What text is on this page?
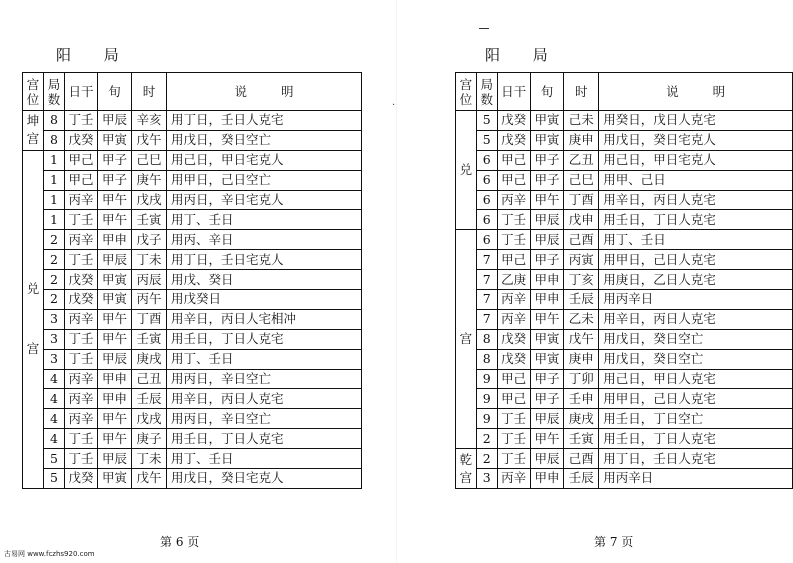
阳 局
·
宫位	局数	日干	旬	时	说明
坤宫	8	丁壬	甲辰	辛亥	用丁日，壬日人克宅
	8	戊癸	甲寅	戊午	用戊日，癸日空亡
兑宫	1	甲己	甲子	己巳	用己日，甲日宅克人
	1	甲己	甲子	庚午	用甲日，己日空亡
	1	丙辛	甲午	戊戌	用丙日，辛日宅克人
	1	丁壬	甲午	壬寅	用丁、壬日
	2	丙辛	甲申	戊子	用丙、辛日
	2	丁壬	甲辰	丁未	用丁日，壬日宅克人
	2	戊癸	甲寅	丙辰	用戊、癸日
	2	戊癸	甲寅	丙午	用戊癸日
	3	丙辛	甲午	丁酉	用辛日，丙日人宅相冲
	3	丁壬	甲午	壬寅	用壬日，丁日人克宅
	3	丁壬	甲辰	庚戌	用丁、壬日
	4	丙辛	甲申	己丑	用丙日，辛日空亡
	4	丙辛	甲申	壬辰	用辛日，丙日人克宅
	4	丙辛	甲午	戊戌	用丙日，辛日空亡
	4	丁壬	甲午	庚子	用壬日，丁日人克宅
	5	丁壬	甲辰	丁未	用丁、壬日
	5	戊癸	甲寅	戊午	用戊日，癸日宅克人
第 6 页
古易网 www.fczhs920.com
阳 局
宫位	局数	日干	旬	时	说明
兑	5	戊癸	甲寅	己未	用癸日，戊日人克宅
	5	戊癸	甲寅	庚申	用戊日，癸日宅克人
	6	甲己	甲子	乙丑	用己日，甲日宅克人
	6	甲己	甲子	己巳	用甲、己日
	6	丙辛	甲午	丁酉	用辛日，丙日人克宅
	6	丁壬	甲辰	戊申	用壬日，丁日人克宅
宫	6	丁壬	甲辰	己酉	用丁、壬日
	7	甲己	甲子	丙寅	用甲日，己日人克宅
	7	乙庚	甲申	丁亥	用庚日，乙日人克宅
	7	丙辛	甲申	壬辰	用丙辛日
	7	丙辛	甲午	乙未	用辛日，丙日人克宅
	8	戊癸	甲寅	戊午	用戊日，癸日空亡
	8	戊癸	甲寅	庚申	用戊日，癸日空亡
	9	甲己	甲子	丁卯	用己日，甲日人克宅
	9	甲己	甲子	壬申	用甲日，己日人克宅
	9	丁壬	甲辰	庚戌	用壬日，丁日空亡
	2	丁壬	甲午	壬寅	用壬日，丁日人克宅
乾宫	2	丁壬	甲辰	己酉	用丁日，壬日人克宅
	3	丙辛	甲申	壬辰	用丙辛日
第 7 页
